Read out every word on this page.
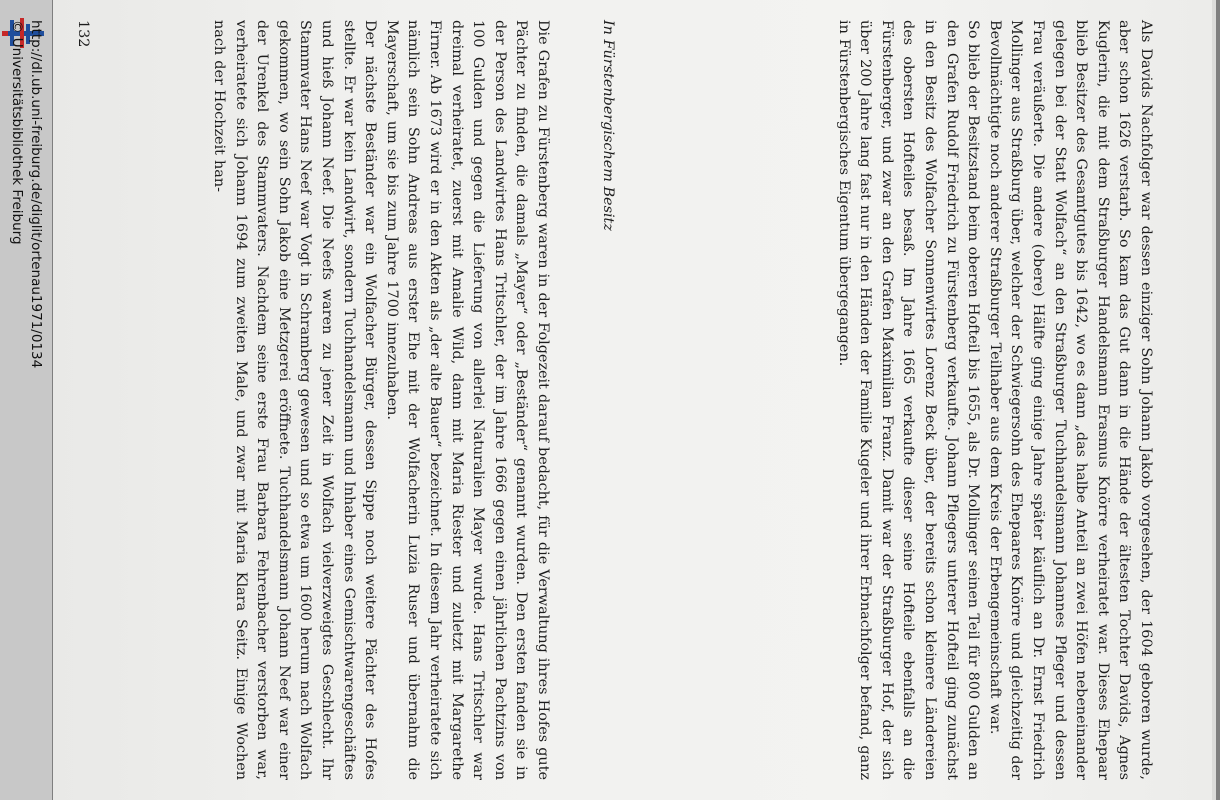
http://dl.ub.uni-freiburg.de/diglit/ortenau1971/0134
© Universitätsbibliothek Freiburg	Als Davids Nachfolger war dessen einziger Sohn Johann Jakob vorgesehen, der 1604 geboren wurde, aber schon 1626 verstarb. So kam das Gut dann in die Hände der ältesten Tochter Davids, Agnes Kuglerin, die mit dem Straßburger Handelsmann Erasmus Knörre verheiratet war. Dieses Ehepaar blieb Besitzer des Gesamtgutes bis 1642, wo es dann „das halbe Anteil an zwei Höfen nebeneinander gelegen bei der Statt Wolfach“ an den Straßburger Tuchhandelsmann Johannes Pfleger und dessen Frau veräußerte. Die andere (obere) Hälfte ging einige Jahre später käuflich an Dr. Ernst Friedrich Mollinger aus Straßburg über, welcher der Schwiegersohn des Ehepaares Knörre und gleichzeitig der Bevollmächtigte noch anderer Straßburger Teilhaber aus dem Kreis der Erbengemeinschaft war.

So blieb der Besitzstand beim oberen Hofteil bis 1655, als Dr. Mollinger seinen Teil für 800 Gulden an den Grafen Rudolf Friedrich zu Fürstenberg verkaufte. Johann Pflegers unterer Hofteil ging zunächst in den Besitz des Wolfacher Sonnenwirtes Lorenz Beck über, der bereits schon kleinere Ländereien des obersten Hofteiles besaß. Im Jahre 1665 verkaufte dieser seine Hofteile ebenfalls an die Fürstenberger, und zwar an den Grafen Maximilian Franz. Damit war der Straßburger Hof, der sich über 200 Jahre lang fast nur in den Händen der Familie Kugeler und ihrer Erbnachfolger befand, ganz in Fürstenbergisches Eigentum übergegangen.

In Fürstenbergischem Besitz

Die Grafen zu Fürstenberg waren in der Folgezeit darauf bedacht, für die Verwaltung ihres Hofes gute Pächter zu finden, die damals „Mayer“ oder „Beständer“ genannt wurden. Den ersten fanden sie in der Person des Landwirtes Hans Tritschler, der im Jahre 1666 gegen einen jährlichen Pachtzins von 100 Gulden und gegen die Lieferung von allerlei Naturalien Mayer wurde. Hans Tritschler war dreimal verheiratet, zuerst mit Amalie Wild, dann mit Maria Riester und zuletzt mit Margarethe Firner. Ab 1673 wird er in den Akten als „der alte Bauer“ bezeichnet. In diesem Jahr verheiratete sich nämlich sein Sohn Andreas aus erster Ehe mit der Wolfacherin Luzia Ruser und übernahm die Mayerschaft, um sie bis zum Jahre 1700 innezuhaben.

Der nächste Beständer war ein Wolfacher Bürger, dessen Sippe noch weitere Pächter des Hofes stellte. Er war kein Landwirt, sondern Tuchhandelsmann und Inhaber eines Gemischtwarengeschäftes und hieß Johann Neef. Die Neefs waren zu jener Zeit in Wolfach vielverzweigtes Geschlecht. Ihr Stammvater Hans Neef war Vogt in Schramberg gewesen und so etwa um 1600 herum nach Wolfach gekommen, wo sein Sohn Jakob eine Metzgerei eröffnete. Tuchhandelsmann Johann Neef war einer der Urenkel des Stammvaters. Nachdem seine erste Frau Barbara Fehrenbacher verstorben war, verheiratete sich Johann 1694 zum zweiten Male, und zwar mit Maria Klara Seitz. Einige Wochen nach der Hochzeit han-

132
